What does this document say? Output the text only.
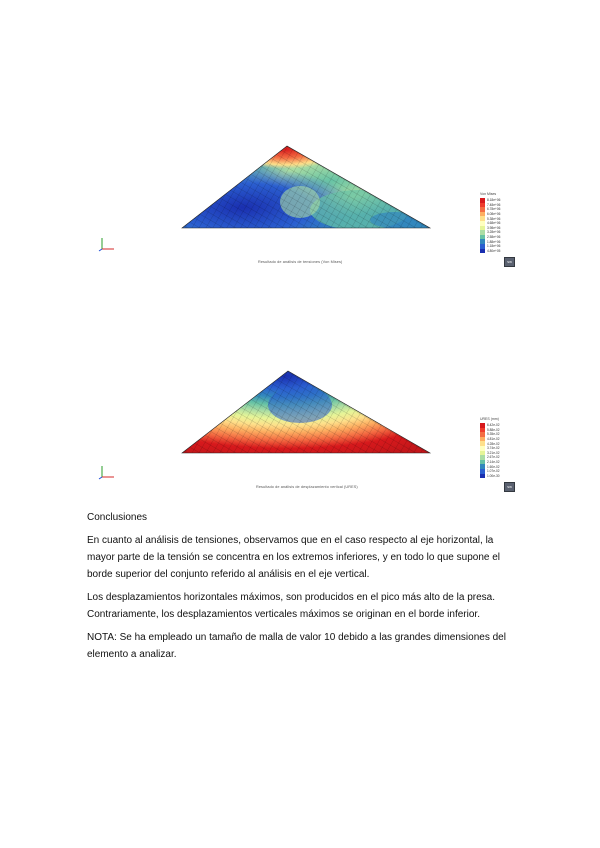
Resultado de análisis de tensiones (Von Mises)
Von Mises
8.18e+06
7.48e+06
6.78e+06
6.08e+06
5.38e+06
4.68e+06
3.98e+06
3.28e+06
2.58e+06
1.88e+06
1.18e+06
4.80e+05
SW
Resultado de análisis de desplazamiento vertical (URES)
URES (mm)
6.42e-02
5.88e-02
5.35e-02
4.81e-02
4.28e-02
3.74e-02
3.21e-02
2.67e-02
2.14e-02
1.60e-02
1.07e-02
1.00e-30
SW

Conclusiones

En cuanto al análisis de tensiones, observamos que en el caso respecto al eje horizontal, la mayor parte de la tensión se concentra en los extremos inferiores, y en todo lo que supone el borde superior del conjunto referido al análisis en el eje vertical.

Los desplazamientos horizontales máximos, son producidos en el pico más alto de la presa.

Contrariamente, los desplazamientos verticales máximos se originan en el borde inferior.

NOTA: Se ha empleado un tamaño de malla de valor 10 debido a las grandes dimensiones del elemento a analizar.
